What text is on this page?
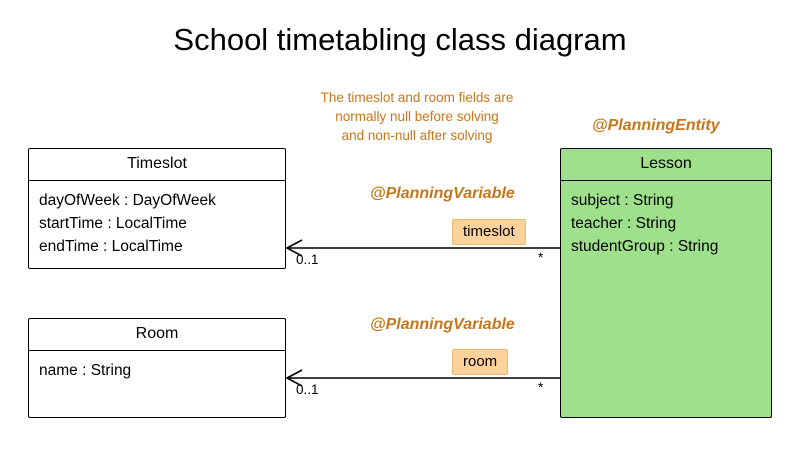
School timetabling class diagram
The timeslot and room fields are
normally null before solving
and non-null after solving
Timeslot
dayOfWeek : DayOfWeek
startTime : LocalTime
endTime : LocalTime
Room
name : String
@PlanningEntity
Lesson
subject : String
teacher : String
studentGroup : String
@PlanningVariable
timeslot
0..1	*
@PlanningVariable
room
0..1	*
